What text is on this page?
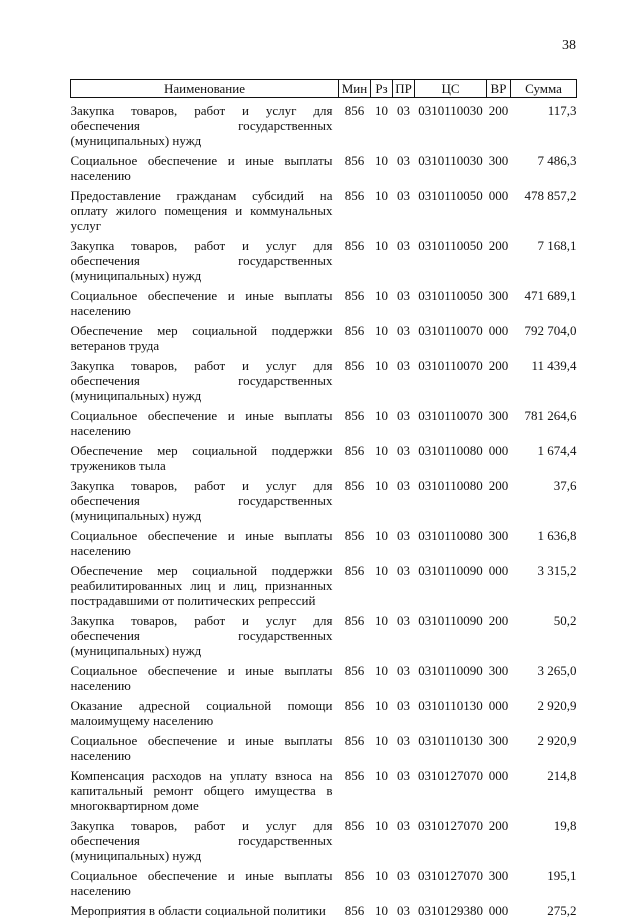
38
Наименование	Мин	Рз	ПР	ЦС	ВР	Сумма
Закупка товаров, работ и услуг для обеспечения государственных (муниципальных) нужд	856	10	03	0310110030	200	117,3
Социальное обеспечение и иные выплаты населению	856	10	03	0310110030	300	7 486,3
Предоставление гражданам субсидий на оплату жилого помещения и коммунальных услуг	856	10	03	0310110050	000	478 857,2
Закупка товаров, работ и услуг для обеспечения государственных (муниципальных) нужд	856	10	03	0310110050	200	7 168,1
Социальное обеспечение и иные выплаты населению	856	10	03	0310110050	300	471 689,1
Обеспечение мер социальной поддержки ветеранов труда	856	10	03	0310110070	000	792 704,0
Закупка товаров, работ и услуг для обеспечения государственных (муниципальных) нужд	856	10	03	0310110070	200	11 439,4
Социальное обеспечение и иные выплаты населению	856	10	03	0310110070	300	781 264,6
Обеспечение мер социальной поддержки тружеников тыла	856	10	03	0310110080	000	1 674,4
Закупка товаров, работ и услуг для обеспечения государственных (муниципальных) нужд	856	10	03	0310110080	200	37,6
Социальное обеспечение и иные выплаты населению	856	10	03	0310110080	300	1 636,8
Обеспечение мер социальной поддержки реабилитированных лиц и лиц, признанных пострадавшими от политических репрессий	856	10	03	0310110090	000	3 315,2
Закупка товаров, работ и услуг для обеспечения государственных (муниципальных) нужд	856	10	03	0310110090	200	50,2
Социальное обеспечение и иные выплаты населению	856	10	03	0310110090	300	3 265,0
Оказание адресной социальной помощи малоимущему населению	856	10	03	0310110130	000	2 920,9
Социальное обеспечение и иные выплаты населению	856	10	03	0310110130	300	2 920,9
Компенсация расходов на уплату взноса на капитальный ремонт общего имущества в многоквартирном доме	856	10	03	0310127070	000	214,8
Закупка товаров, работ и услуг для обеспечения государственных (муниципальных) нужд	856	10	03	0310127070	200	19,8
Социальное обеспечение и иные выплаты населению	856	10	03	0310127070	300	195,1
Мероприятия в области социальной политики	856	10	03	0310129380	000	275,2
